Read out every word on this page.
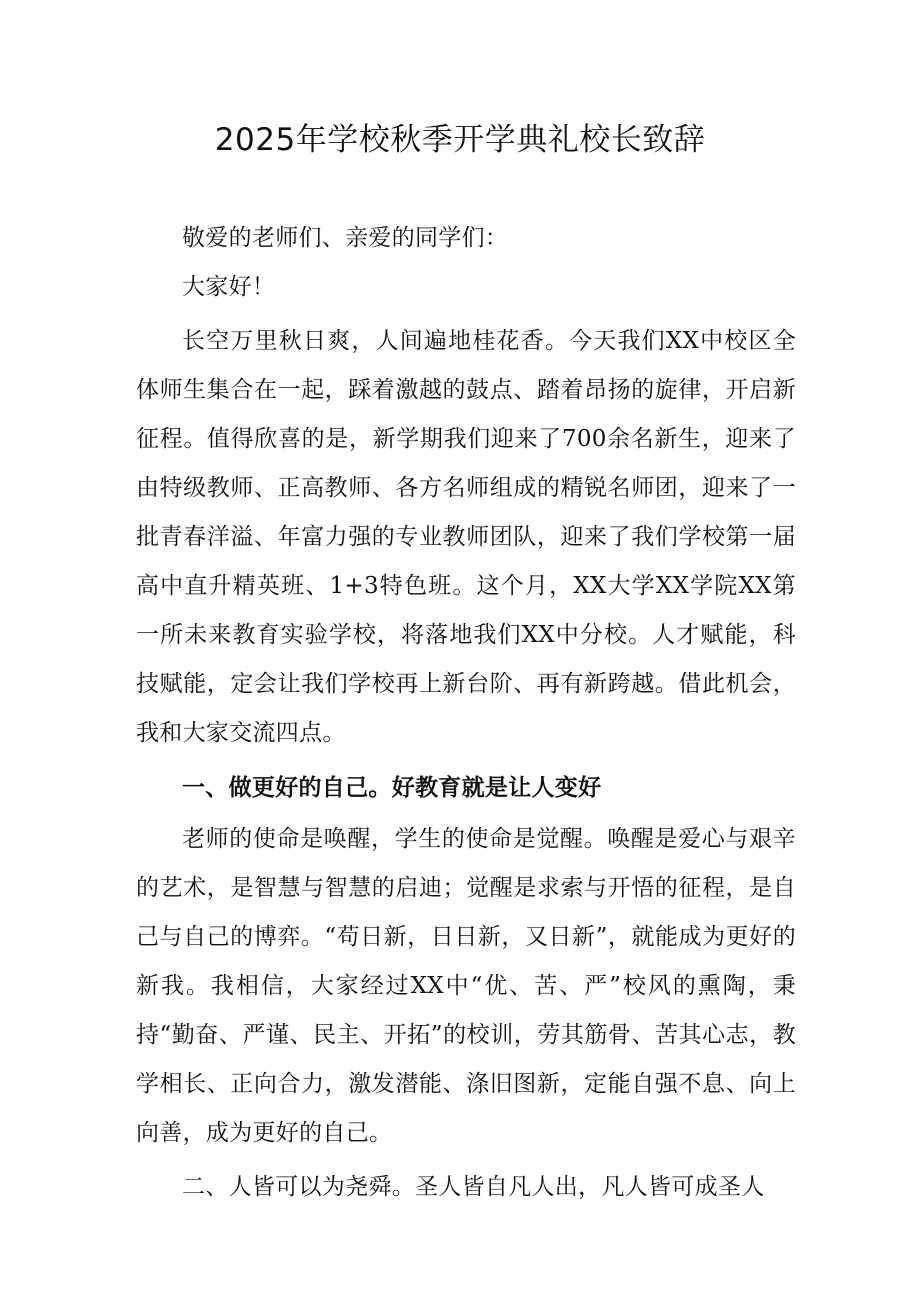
2025年学校秋季开学典礼校长致辞

敬爱的老师们、亲爱的同学们：

大家好！

长空万里秋日爽，人间遍地桂花香。今天我们XX中校区全体师生集合在一起，踩着激越的鼓点、踏着昂扬的旋律，开启新征程。值得欣喜的是，新学期我们迎来了700余名新生，迎来了由特级教师、正高教师、各方名师组成的精锐名师团，迎来了一批青春洋溢、年富力强的专业教师团队，迎来了我们学校第一届高中直升精英班、1+3特色班。这个月，XX大学XX学院XX第一所未来教育实验学校，将落地我们XX中分校。人才赋能，科技赋能，定会让我们学校再上新台阶、再有新跨越。借此机会，我和大家交流四点。

一、做更好的自己。好教育就是让人变好

老师的使命是唤醒，学生的使命是觉醒。唤醒是爱心与艰辛的艺术，是智慧与智慧的启迪；觉醒是求索与开悟的征程，是自己与自己的博弈。“苟日新，日日新，又日新”，就能成为更好的新我。我相信，大家经过XX中“优、苦、严”校风的熏陶，秉持“勤奋、严谨、民主、开拓”的校训，劳其筋骨、苦其心志，教学相长、正向合力，激发潜能、涤旧图新，定能自强不息、向上向善，成为更好的自己。

二、人皆可以为尧舜。圣人皆自凡人出，凡人皆可成圣人
